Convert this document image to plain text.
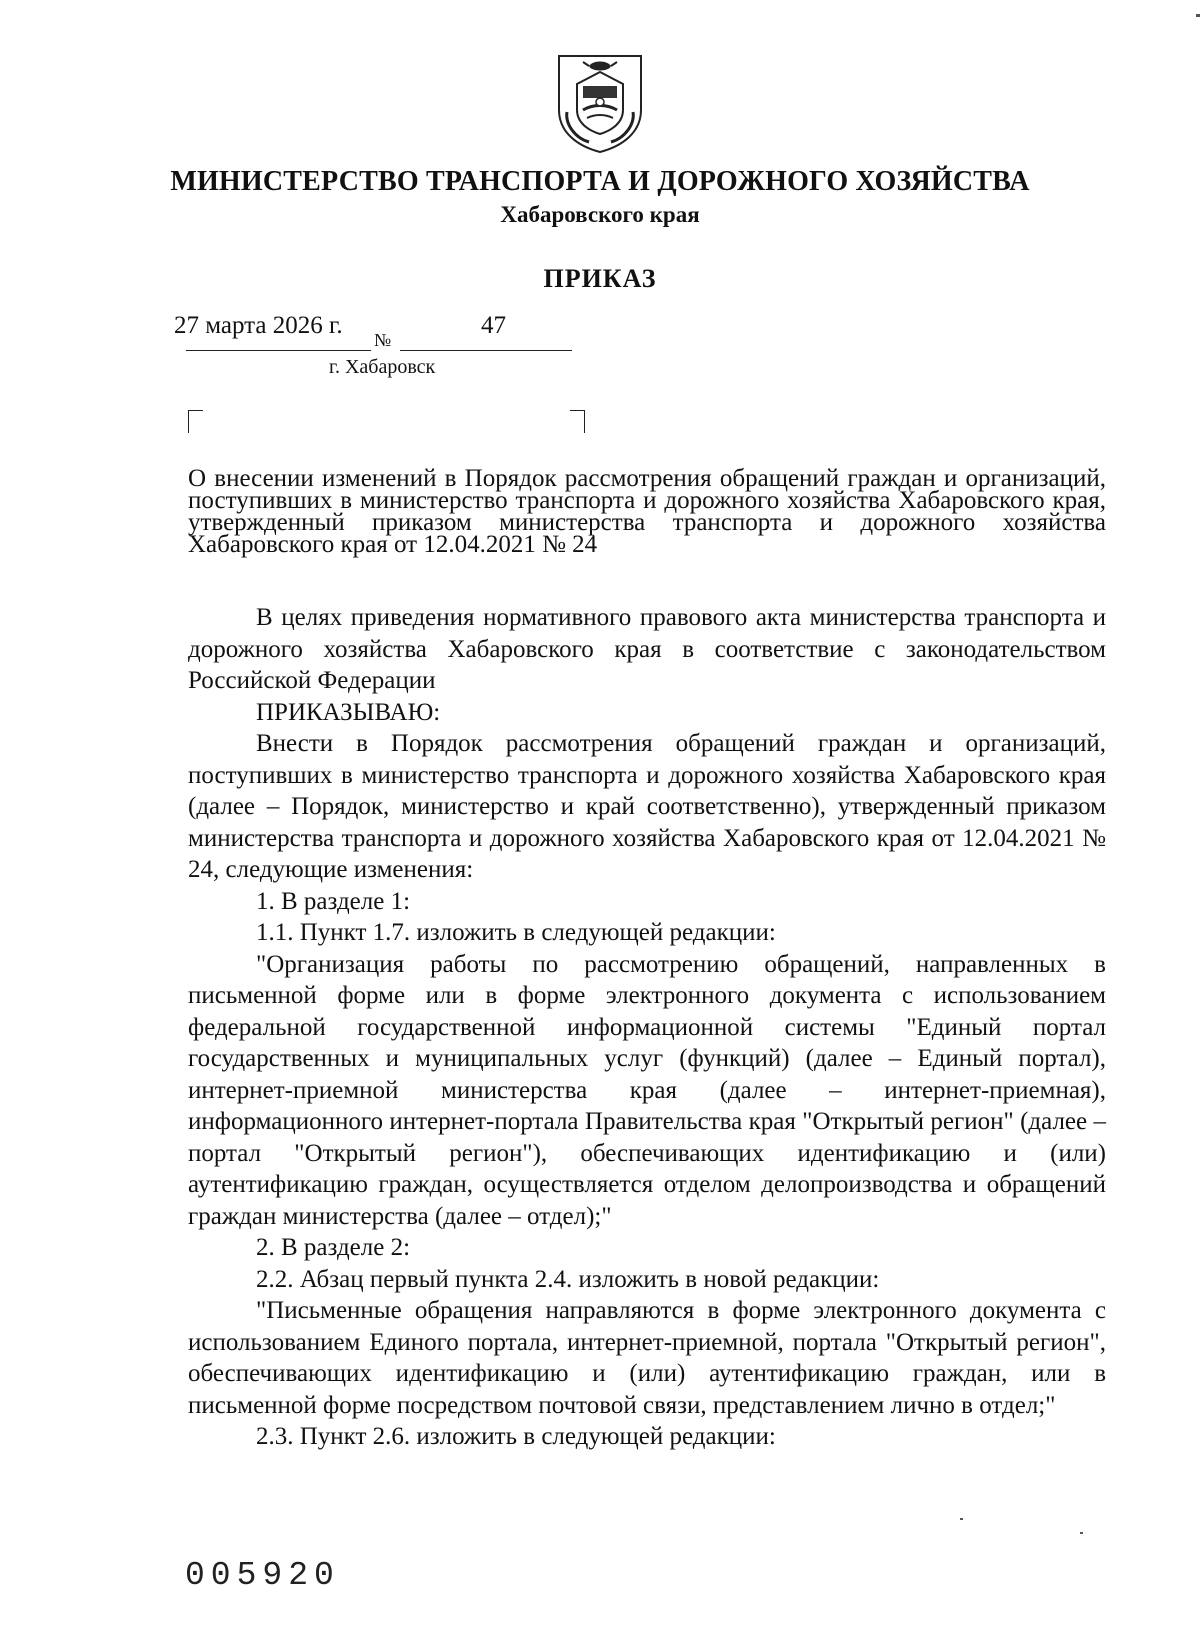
МИНИСТЕРСТВО ТРАНСПОРТА И ДОРОЖНОГО ХОЗЯЙСТВА
Хабаровского края
ПРИКАЗ
27 марта 2026 г.
№
47
г. Хабаровск
О внесении изменений в Порядок рассмотрения обращений граждан и организаций, поступивших в министерство транспорта и дорожного хозяйства Хабаровского края, утвержденный приказом министерства транспорта и дорожного хозяйства Хабаровского края от 12.04.2021 № 24

В целях приведения нормативного правового акта министерства транспорта и дорожного хозяйства Хабаровского края в соответствие с законодательством Российской Федерации

ПРИКАЗЫВАЮ:

Внести в Порядок рассмотрения обращений граждан и организаций, поступивших в министерство транспорта и дорожного хозяйства Хабаровского края (далее – Порядок, министерство и край соответственно), утвержденный приказом министерства транспорта и дорожного хозяйства Хабаровского края от 12.04.2021 № 24, следующие изменения:

1. В разделе 1:

1.1. Пункт 1.7. изложить в следующей редакции:

"Организация работы по рассмотрению обращений, направленных в письменной форме или в форме электронного документа с использованием федеральной государственной информационной системы "Единый портал государственных и муниципальных услуг (функций) (далее – Единый портал), интернет-приемной министерства края (далее – интернет-приемная), информационного интернет-портала Правительства края "Открытый регион" (далее – портал "Открытый регион"), обеспечивающих идентификацию и (или) аутентификацию граждан, осуществляется отделом делопроизводства и обращений граждан министерства (далее – отдел);"

2. В разделе 2:

2.2. Абзац первый пункта 2.4. изложить в новой редакции:

"Письменные обращения направляются в форме электронного документа с использованием Единого портала, интернет-приемной, портала "Открытый регион", обеспечивающих идентификацию и (или) аутентификацию граждан, или в письменной форме посредством почтовой связи, представлением лично в отдел;"

2.3. Пункт 2.6. изложить в следующей редакции:

005920
